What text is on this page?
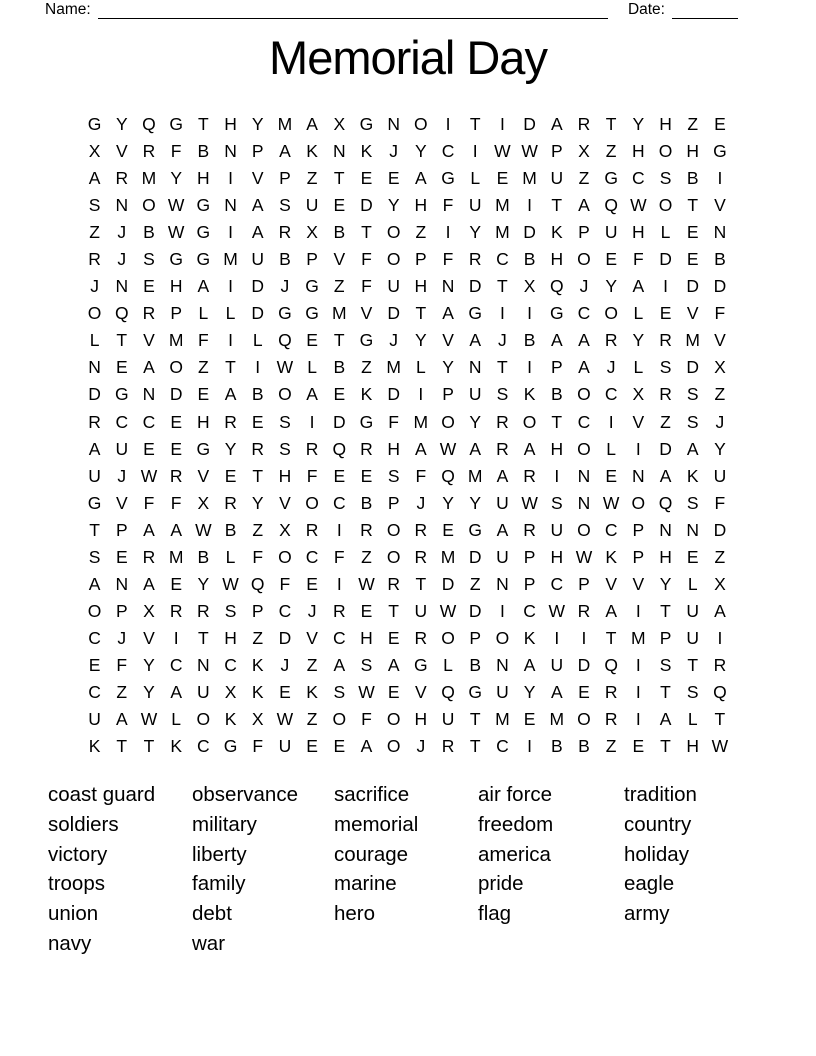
Name:	Date:
Memorial Day
G Y Q G T H Y M A X G N O	I	T	I	D A R T Y H Z E
X V R F B N P A K N K J Y C	I W W P X Z H O H G
A R M Y H	I	V P Z T E E A G L E M U Z G C S B	I
S N O W G N A S U E D Y H F U M I	T A Q W O T V
Z J B W G	I	A R X B T O Z	I	Y M D K P U H L E N
R J S G G M U B P V F O P F R C B H O E F D E B
J N E H A	I	D J G Z F U H N D T X Q J Y A	I	D D
O Q R P L L D G G M V D T A G	I	I	G C O L E V F
L T V M F	I	L Q E T G J Y V A J B A A R Y R M V
N E A O Z T	I W L B Z M L Y N T	I	P A J	L S D X
D G N D E A B O A E K D	I	P U S K B O C X R S Z
R C C E H R E S	I	D G F M O Y R O T C	I	V Z S J
A U E E G Y R S R Q R H A W A R A H O L	I	D A Y
U J W R V E T H F E E S F Q M A R	I	N E N A K U
G V F F X R Y V O C B P J Y Y U W S N W O Q S F
T P A A W B Z X R	I	R O R E G A R U O C P N N D
S E R M B L F O C F Z O R M D U P H W K P H E Z
A N A E Y W Q F E	I W R T D Z N P C P V V Y L X
O P X R R S P C J R E T U W D	I	C W R A	I	T U A
C J V	I	T H Z D V C H E R O P O K	I	I	T M P U	I
E F Y C N C K J Z A S A G L B N A U D Q	I	S T R
C Z Y A U X K E K S W E V Q G U Y A E R	I	T S Q
U A W L O K X W Z O F O H U T M E M O R	I	A L T
K T T K C G F U E E A O J R T C	I	B B Z E T H W
coast guard
soldiers
victory
troops
union
navy
observance
military
liberty
family
debt
war
sacrifice
memorial
courage
marine
hero
air force
freedom
america
pride
flag
tradition
country
holiday
eagle
army
